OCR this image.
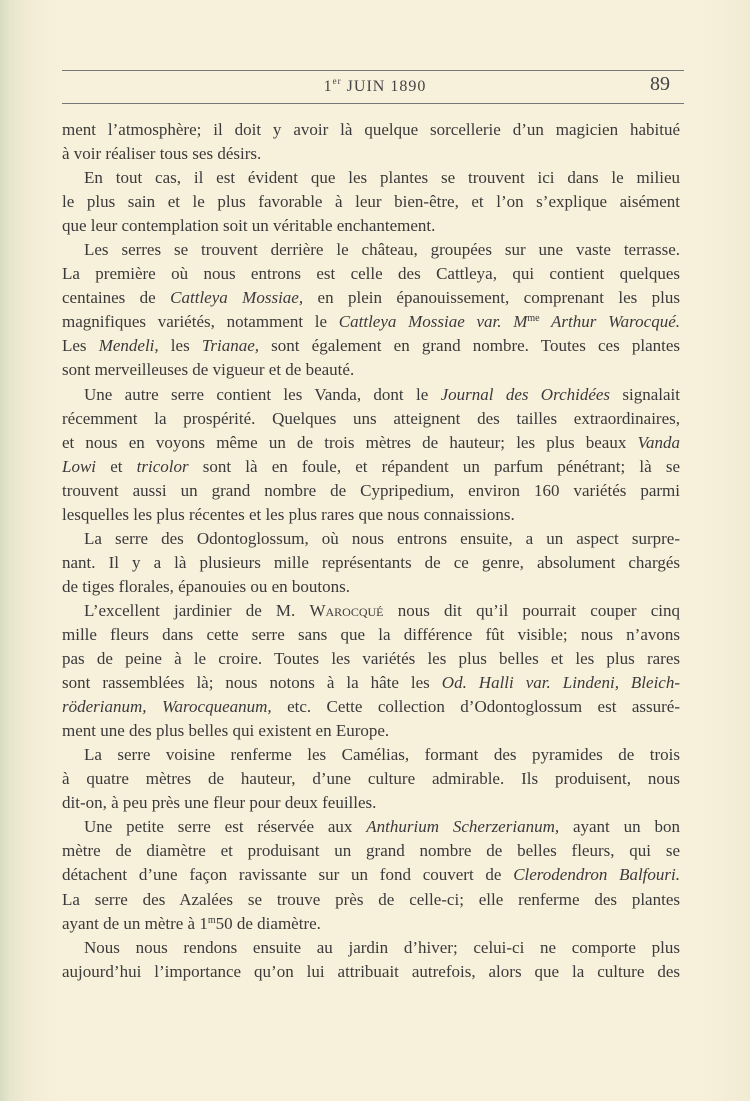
1er JUIN 1890	89
ment l’atmosphère; il doit y avoir là quelque sorcellerie d’un magicien habitué
à voir réaliser tous ses désirs.
En tout cas, il est évident que les plantes se trouvent ici dans le milieu
le plus sain et le plus favorable à leur bien-être, et l’on s’explique aisément
que leur contemplation soit un véritable enchantement.
Les serres se trouvent derrière le château, groupées sur une vaste terrasse.
La première où nous entrons est celle des Cattleya, qui contient quelques
centaines de Cattleya Mossiae, en plein épanouissement, comprenant les plus
magnifiques variétés, notamment le Cattleya Mossiae var. $M^{me}$ Arthur Warocqué.
Les Mendeli, les Trianae, sont également en grand nombre. Toutes ces plantes
sont merveilleuses de vigueur et de beauté.
Une autre serre contient les Vanda, dont le Journal des Orchidées signalait
récemment la prospérité. Quelques uns atteignent des tailles extraordinaires,
et nous en voyons même un de trois mètres de hauteur; les plus beaux Vanda
Lowi et tricolor sont là en foule, et répandent un parfum pénétrant; là se
trouvent aussi un grand nombre de Cypripedium, environ 160 variétés parmi
lesquelles les plus récentes et les plus rares que nous connaissions.
La serre des Odontoglossum, où nous entrons ensuite, a un aspect surpre-
nant. Il y a là plusieurs mille représentants de ce genre, absolument chargés
de tiges florales, épanouies ou en boutons.
L’excellent jardinier de M. Warocqué nous dit qu’il pourrait couper cinq
mille fleurs dans cette serre sans que la différence fût visible; nous n’avons
pas de peine à le croire. Toutes les variétés les plus belles et les plus rares
sont rassemblées là; nous notons à la hâte les Od. Halli var. Lindeni, Bleich-
röderianum, Warocqueanum, etc. Cette collection d’Odontoglossum est assuré-
ment une des plus belles qui existent en Europe.
La serre voisine renferme les Camélias, formant des pyramides de trois
à quatre mètres de hauteur, d’une culture admirable. Ils produisent, nous
dit-on, à peu près une fleur pour deux feuilles.
Une petite serre est réservée aux Anthurium Scherzerianum, ayant un bon
mètre de diamètre et produisant un grand nombre de belles fleurs, qui se
détachent d’une façon ravissante sur un fond couvert de Clerodendron Balfouri.
La serre des Azalées se trouve près de celle-ci; elle renferme des plantes
ayant de un mètre à 1$^m$50 de diamètre.
Nous nous rendons ensuite au jardin d’hiver; celui-ci ne comporte plus
aujourd’hui l’importance qu’on lui attribuait autrefois, alors que la culture des
